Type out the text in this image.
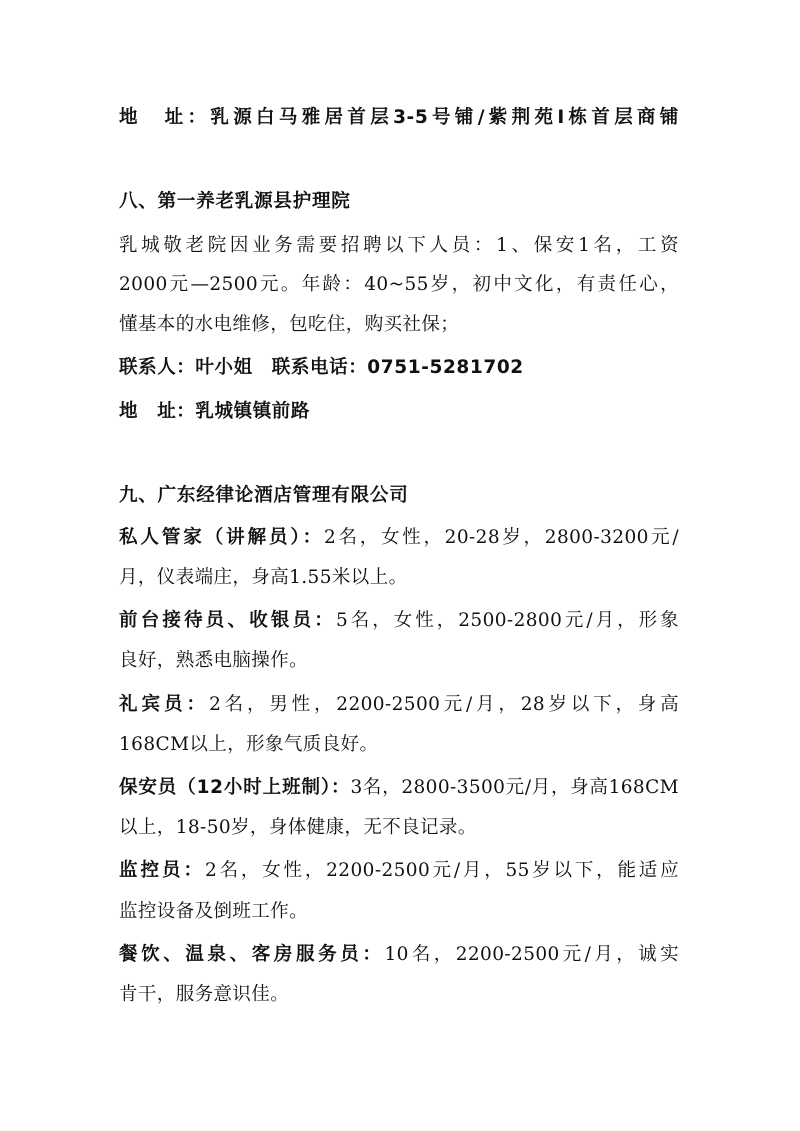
地　址：乳源白马雅居首层3-5号铺/紫荆苑Ⅰ栋首层商铺
八、第一养老乳源县护理院
乳城敬老院因业务需要招聘以下人员：1、保安1名，工资
2000元—2500元。年龄：40~55岁，初中文化，有责任心，
懂基本的水电维修，包吃住，购买社保；
联系人：叶小姐　联系电话：0751-5281702
地　址：乳城镇镇前路
九、广东经律论酒店管理有限公司
私人管家（讲解员）：2名，女性，20-28岁，2800-3200元/
月，仪表端庄，身高1.55米以上。
前台接待员、收银员：5名，女性，2500-2800元/月，形象
良好，熟悉电脑操作。
礼宾员：2名，男性，2200-2500元/月，28岁以下，身高
168CM以上，形象气质良好。
保安员（12小时上班制）：3名，2800-3500元/月，身高168CM
以上，18-50岁，身体健康，无不良记录。
监控员：2名，女性，2200-2500元/月，55岁以下，能适应
监控设备及倒班工作。
餐饮、温泉、客房服务员：10名，2200-2500元/月，诚实
肯干，服务意识佳。
